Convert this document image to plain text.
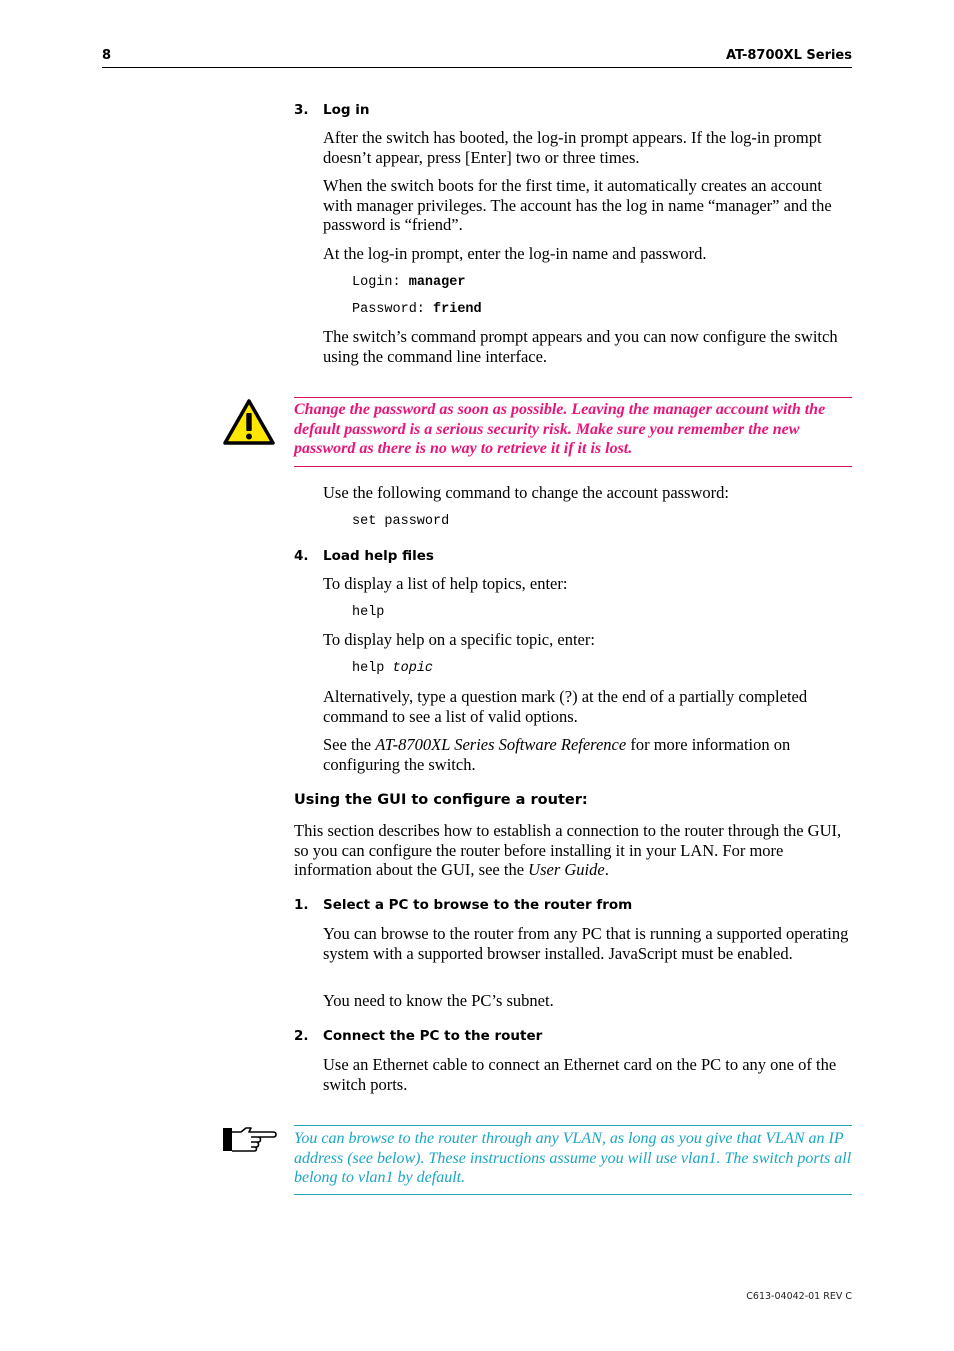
8	AT-8700XL Series
3. Log in
After the switch has booted, the log-in prompt appears. If the log-in prompt doesn’t appear, press [Enter] two or three times.
When the switch boots for the first time, it automatically creates an account with manager privileges. The account has the log in name “manager” and the password is “friend”.
At the log-in prompt, enter the log-in name and password.
Login: manager
Password: friend
The switch’s command prompt appears and you can now configure the switch using the command line interface.
Change the password as soon as possible. Leaving the manager account with the default password is a serious security risk. Make sure you remember the new password as there is no way to retrieve it if it is lost.
Use the following command to change the account password:
set password
4. Load help files
To display a list of help topics, enter:
help
To display help on a specific topic, enter:
help topic
Alternatively, type a question mark (?) at the end of a partially completed command to see a list of valid options.
See the AT-8700XL Series Software Reference for more information on configuring the switch.
Using the GUI to configure a router:
This section describes how to establish a connection to the router through the GUI, so you can configure the router before installing it in your LAN. For more information about the GUI, see the User Guide.
1. Select a PC to browse to the router from
You can browse to the router from any PC that is running a supported operating system with a supported browser installed. JavaScript must be enabled.
You need to know the PC’s subnet.
2. Connect the PC to the router
Use an Ethernet cable to connect an Ethernet card on the PC to any one of the switch ports.
You can browse to the router through any VLAN, as long as you give that VLAN an IP address (see below). These instructions assume you will use vlan1. The switch ports all belong to vlan1 by default.
C613-04042-01 REV C
